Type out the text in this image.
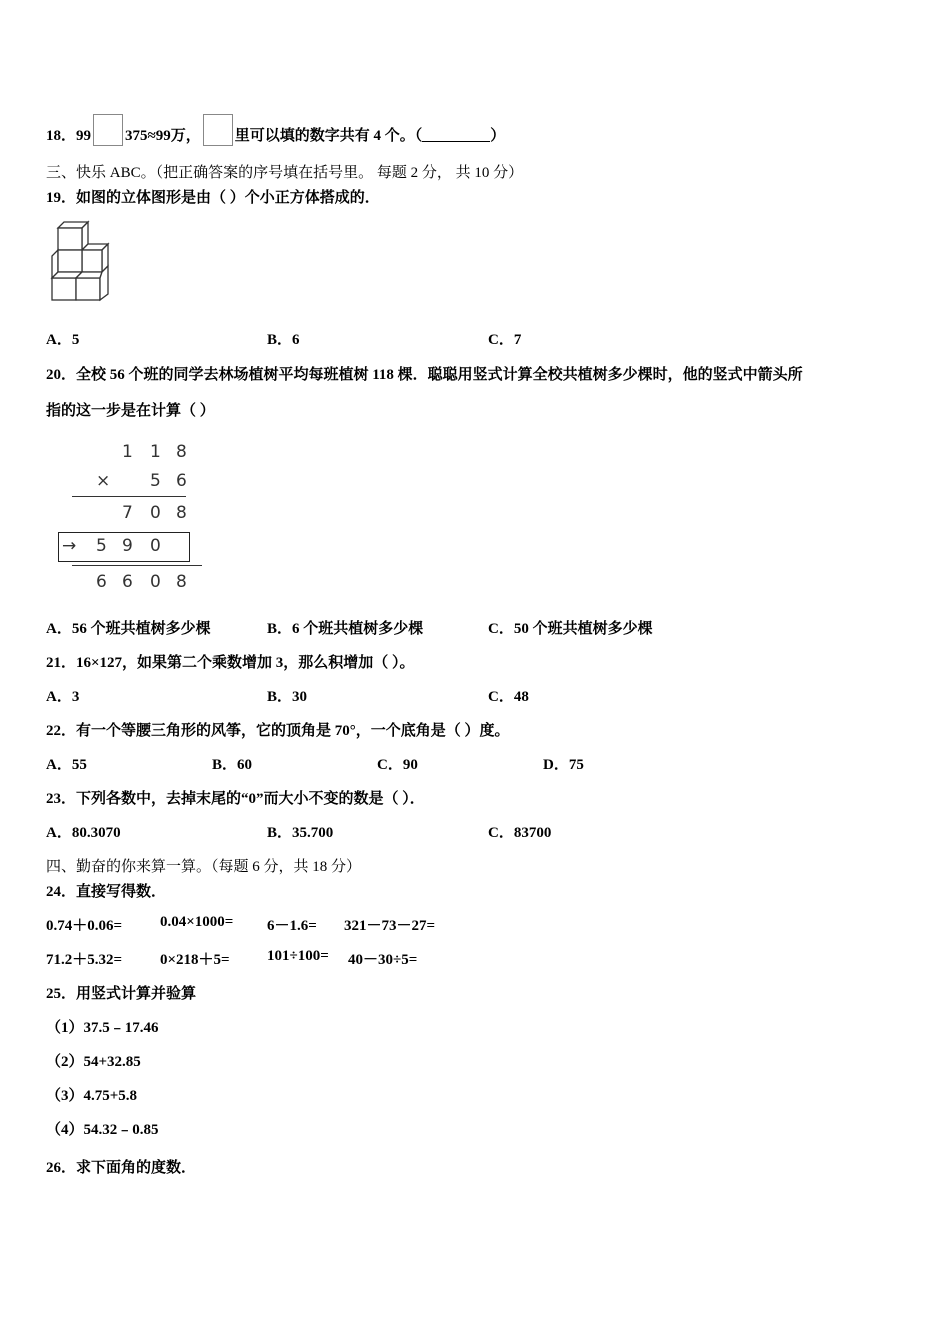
18．99 375≈99万， 里可以填的数字共有 4 个。（	）
三、快乐 ABC。（把正确答案的序号填在括号里。 每题 2 分， 共 10 分）
19．如图的立体图形是由（ ）个小正方体搭成的．
A．5	B．6	C．7
20．全校 56 个班的同学去林场植树平均每班植树 118 棵．聪聪用竖式计算全校共植树多少棵时，他的竖式中箭头所
指的这一步是在计算（ ）
1 1 8
× 5 6
7 0 8
→ 5 9 0
6 6 0 8
A．56 个班共植树多少棵	B．6 个班共植树多少棵	C．50 个班共植树多少棵
21．16×127，如果第二个乘数增加 3，那么积增加（ ）。
A．3	B．30	C．48
22．有一个等腰三角形的风筝，它的顶角是 70°，一个底角是（ ）度。
A．55	B．60	C．90	D．75
23．下列各数中，去掉末尾的“0”而大小不变的数是（ ）．
A．80.3070	B．35.700	C．83700
四、勤奋的你来算一算。（每题 6 分，共 18 分）
24．直接写得数．
0.74＋0.06=	0.04×1000= 6－1.6= 321－73－27=
71.2＋5.32=	0×218＋5= 101÷100= 40－30÷5=
25．用竖式计算并验算
（1）37.5﹣17.46
（2）54+32.85
（3）4.75+5.8
（4）54.32﹣0.85
26．求下面角的度数．
